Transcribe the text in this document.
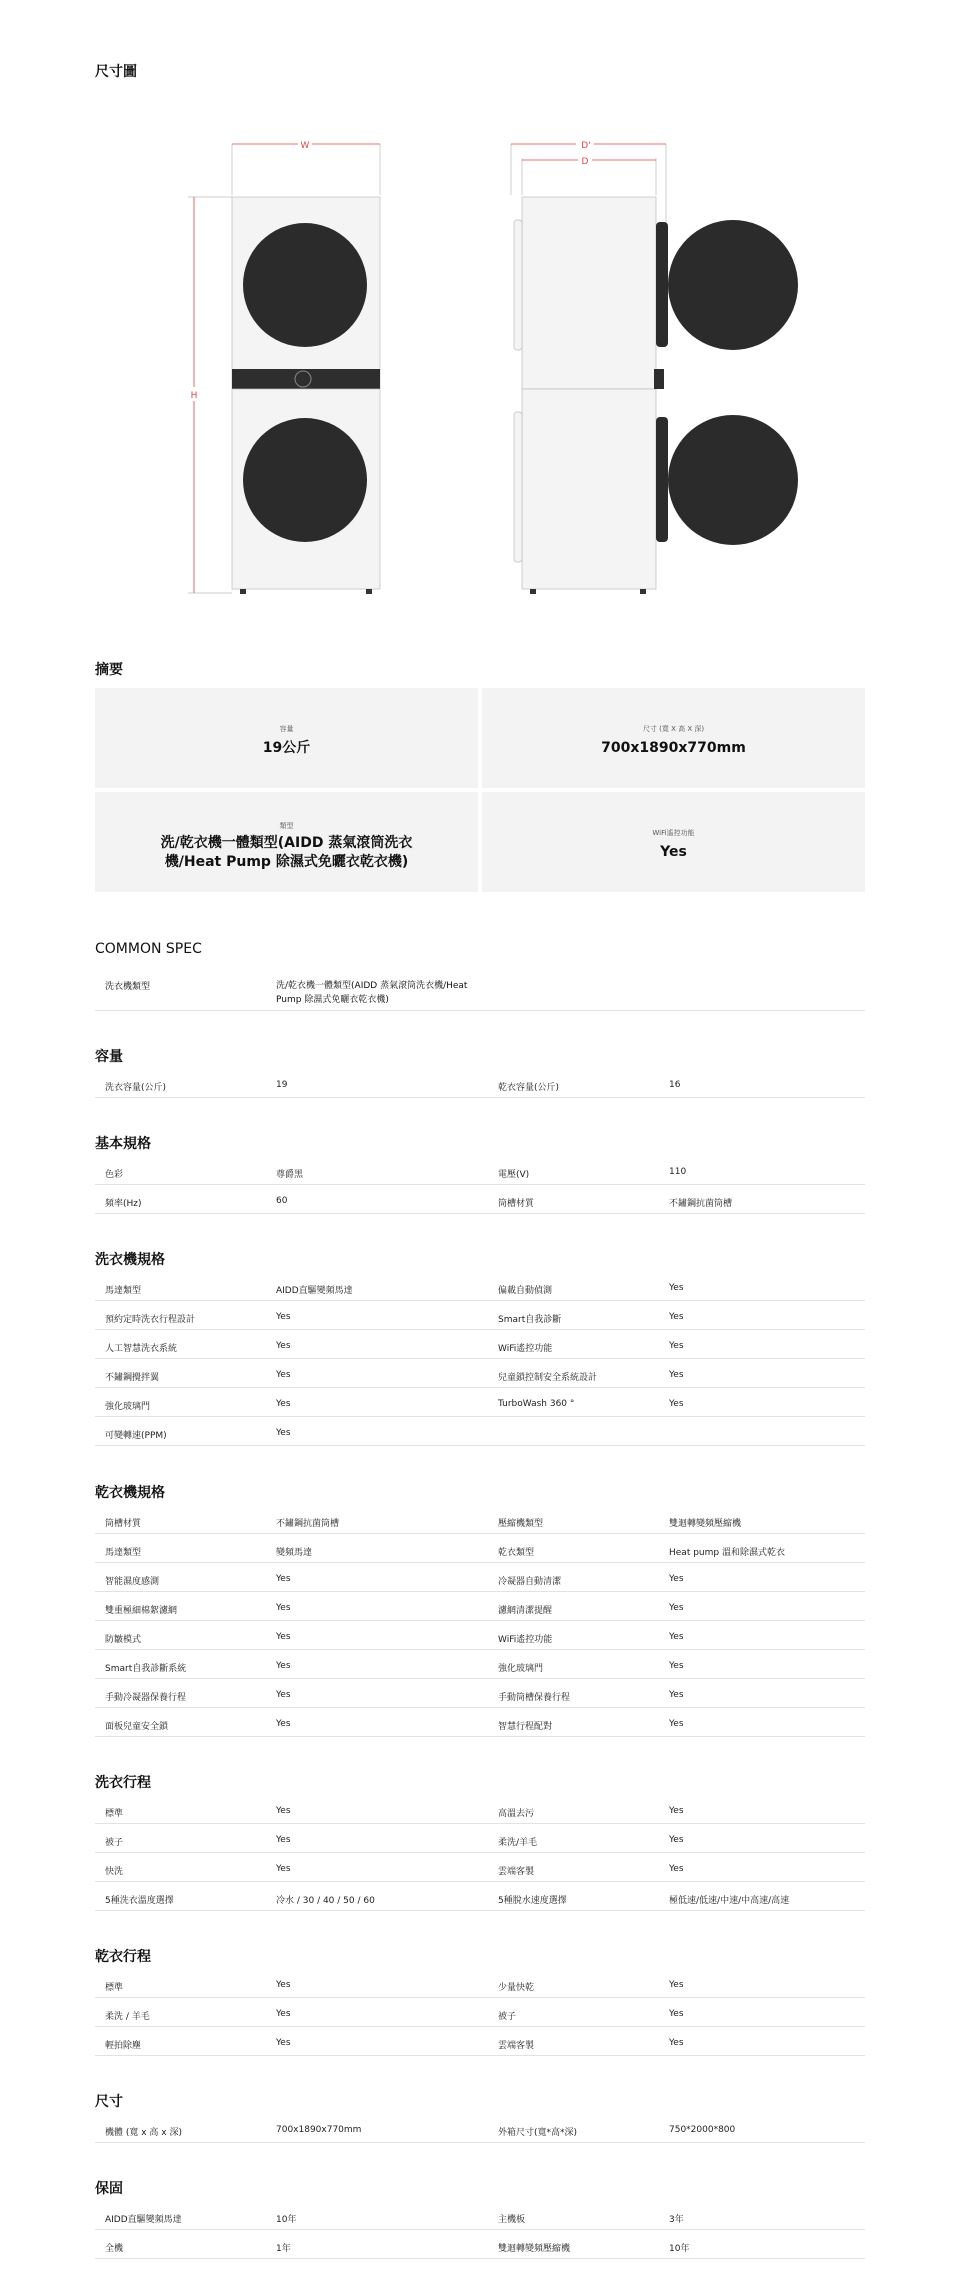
尺寸圖
W
H
D'
D
摘要
容量
19公斤
尺寸 (寬 X 高 X 深)
700x1890x770mm
類型
洗/乾衣機一體類型(AIDD 蒸氣滾筒洗衣機/Heat Pump 除濕式免曬衣乾衣機)
WiFi遙控功能
Yes
COMMON SPEC
洗衣機類型	洗/乾衣機一體類型(AIDD 蒸氣滾筒洗衣機/Heat Pump 除濕式免曬衣乾衣機)
容量
洗衣容量(公斤)	19	乾衣容量(公斤)	16
基本規格
色彩	尊爵黑	電壓(V)	110
頻率(Hz)	60	筒槽材質	不鏽鋼抗菌筒槽
洗衣機規格
馬達類型	AIDD直驅變頻馬達	偏載自動偵測	Yes
預約定時洗衣行程設計	Yes	Smart自我診斷	Yes
人工智慧洗衣系統	Yes	WiFi遙控功能	Yes
不鏽鋼攪拌翼	Yes	兒童鎖控制安全系統設計	Yes
強化玻璃門	Yes	TurboWash 360 °	Yes
可變轉速(PPM)	Yes
乾衣機規格
筒槽材質	不鏽鋼抗菌筒槽	壓縮機類型	雙迴轉變頻壓縮機
馬達類型	變頻馬達	乾衣類型	Heat pump 溫和除濕式乾衣
智能濕度感測	Yes	冷凝器自動清潔	Yes
雙重極細棉絮濾網	Yes	濾網清潔提醒	Yes
防皺模式	Yes	WiFi遙控功能	Yes
Smart自我診斷系統	Yes	強化玻璃門	Yes
手動冷凝器保養行程	Yes	手動筒槽保養行程	Yes
面板兒童安全鎖	Yes	智慧行程配對	Yes
洗衣行程
標準	Yes	高溫去污	Yes
被子	Yes	柔洗/羊毛	Yes
快洗	Yes	雲端客製	Yes
5種洗衣溫度選擇	冷水 / 30 / 40 / 50 / 60	5種脫水速度選擇	極低速/低速/中速/中高速/高速
乾衣行程
標準	Yes	少量快乾	Yes
柔洗 / 羊毛	Yes	被子	Yes
輕拍除塵	Yes	雲端客製	Yes
尺寸
機體 (寬 x 高 x 深)	700x1890x770mm	外箱尺寸(寬*高*深)	750*2000*800
保固
AIDD直驅變頻馬達	10年	主機板	3年
全機	1年	雙迴轉變頻壓縮機	10年
